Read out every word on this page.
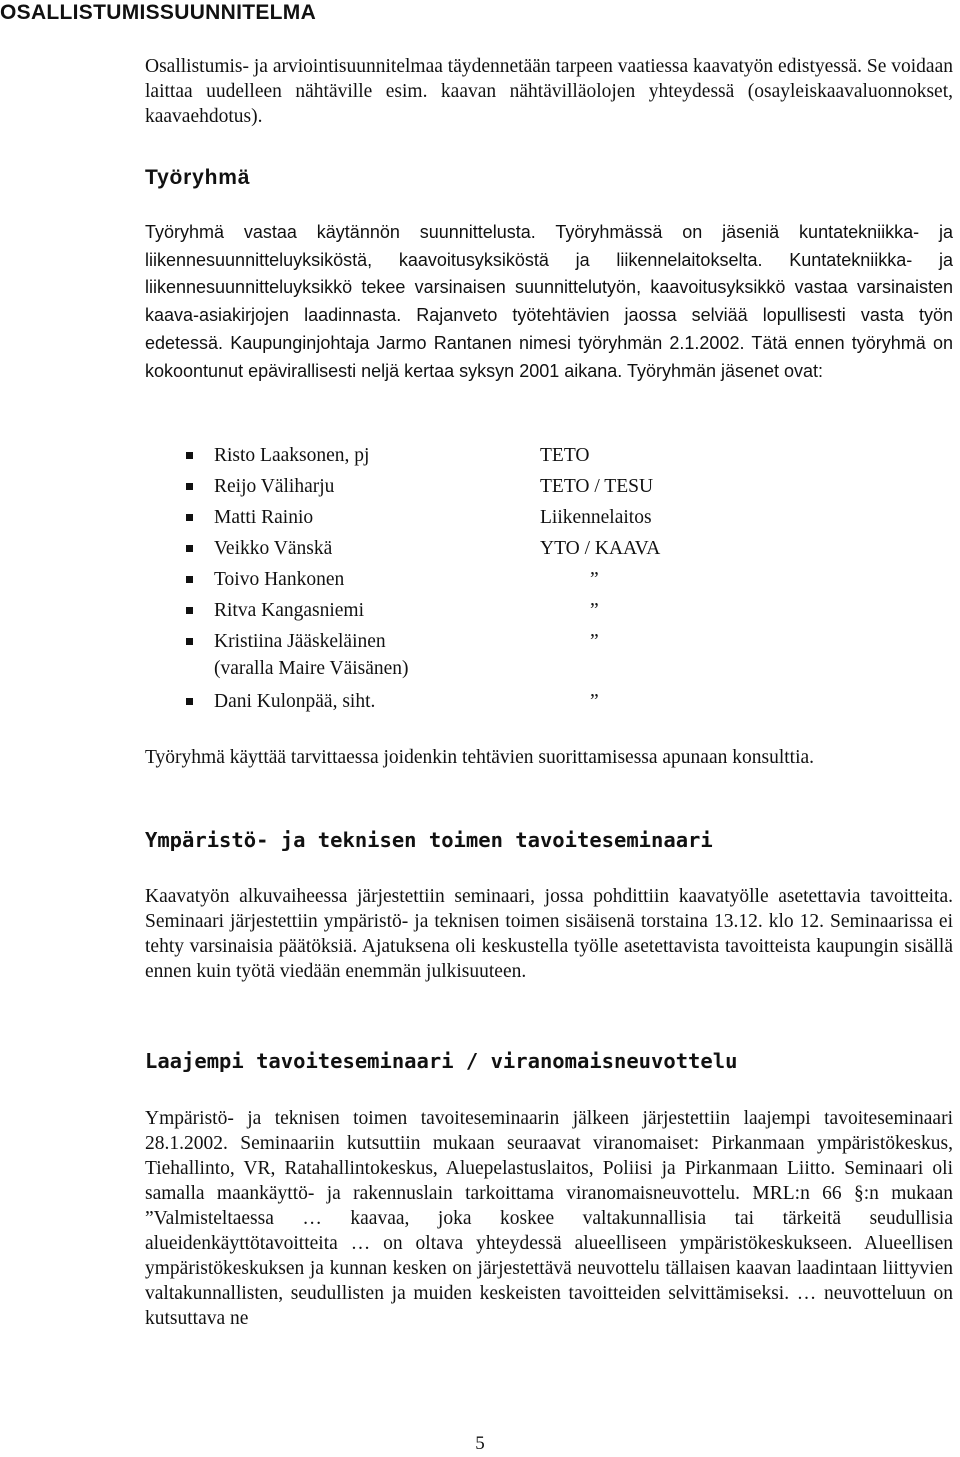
OSALLISTUMISSUUNNITELMA

Osallistumis- ja arviointisuunnitelmaa täydennetään tarpeen vaatiessa kaavatyön edistyessä. Se voidaan laittaa uudelleen nähtäville esim. kaavan nähtävilläolojen yhteydessä (osayleiskaavaluonnokset, kaavaehdotus).

Työryhmä

Työryhmä vastaa käytännön suunnittelusta. Työryhmässä on jäseniä kuntatekniikka- ja liikennesuunnitteluyksiköstä, kaavoitusyksiköstä ja liikennelaitokselta. Kuntatekniikka- ja liikennesuunnitteluyksikkö tekee varsinaisen suunnittelutyön, kaavoitusyksikkö vastaa varsinaisten kaava-asiakirjojen laadinnasta. Rajanveto työtehtävien jaossa selviää lopullisesti vasta työn edetessä. Kaupunginjohtaja Jarmo Rantanen nimesi työryhmän 2.1.2002. Tätä ennen työryhmä on kokoontunut epävirallisesti neljä kertaa syksyn 2001 aikana. Työryhmän jäsenet ovat:

Risto Laaksonen, pj	TETO
Reijo Väliharju	TETO / TESU
Matti Rainio	Liikennelaitos
Veikko Vänskä	YTO / KAAVA
Toivo Hankonen	”
Ritva Kangasniemi	”
Kristiina Jääskeläinen	”
(varalla Maire Väisänen)
Dani Kulonpää, siht.	”

Työryhmä käyttää tarvittaessa joidenkin tehtävien suorittamisessa apunaan konsulttia.

Ympäristö- ja teknisen toimen tavoiteseminaari

Kaavatyön alkuvaiheessa järjestettiin seminaari, jossa pohdittiin kaavatyölle asetettavia tavoitteita. Seminaari järjestettiin ympäristö- ja teknisen toimen sisäisenä torstaina 13.12. klo 12. Seminaarissa ei tehty varsinaisia päätöksiä. Ajatuksena oli keskustella työlle asetettavista tavoitteista kaupungin sisällä ennen kuin työtä viedään enemmän julkisuuteen.

Laajempi tavoiteseminaari / viranomaisneuvottelu

Ympäristö- ja teknisen toimen tavoiteseminaarin jälkeen järjestettiin laajempi tavoiteseminaari 28.1.2002. Seminaariin kutsuttiin mukaan seuraavat viranomaiset: Pirkanmaan ympäristökeskus, Tiehallinto, VR, Ratahallintokeskus, Aluepelastuslaitos, Poliisi ja Pirkanmaan Liitto. Seminaari oli samalla maankäyttö- ja rakennuslain tarkoittama viranomaisneuvottelu. MRL:n 66 §:n mukaan ”Valmisteltaessa … kaavaa, joka koskee valtakunnallisia tai tärkeitä seudullisia alueidenkäyttötavoitteita … on oltava yhteydessä alueelliseen ympäristökeskukseen. Alueellisen ympäristökeskuksen ja kunnan kesken on järjestettävä neuvottelu tällaisen kaavan laadintaan liittyvien valtakunnallisten, seudullisten ja muiden keskeisten tavoitteiden selvittämiseksi. … neuvotteluun on kutsuttava ne

5
